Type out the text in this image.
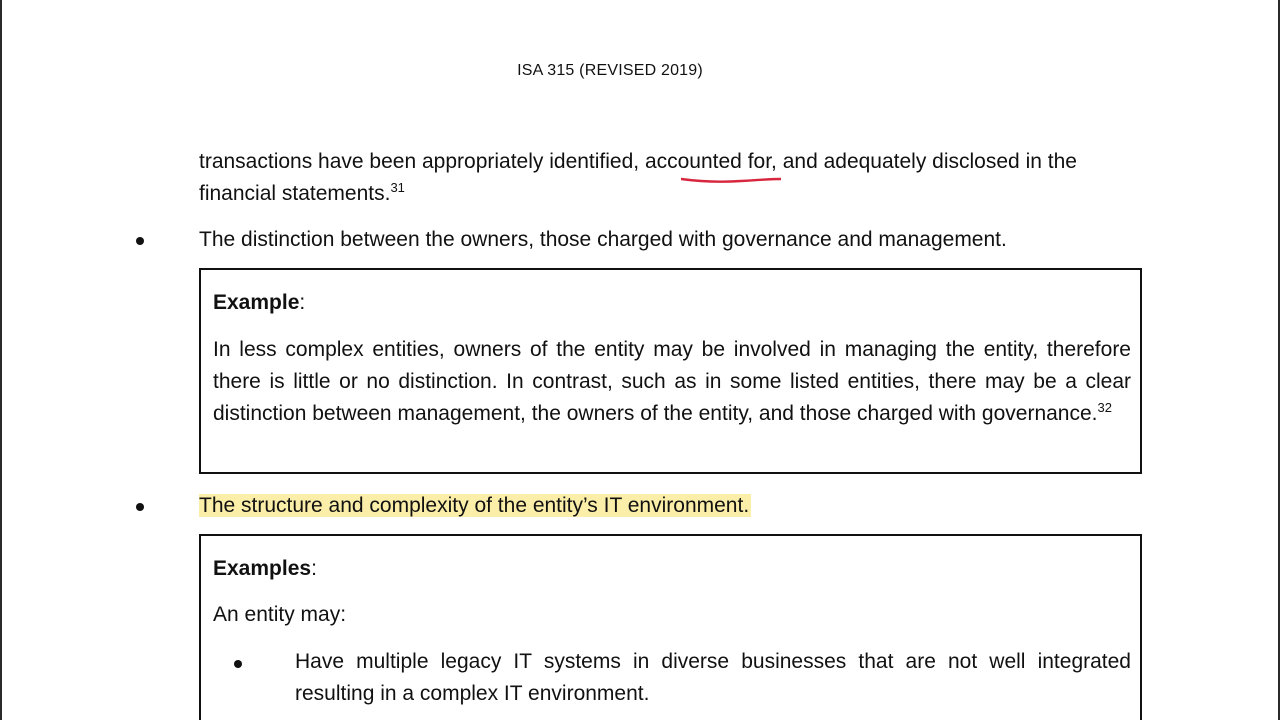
ISA 315 (REVISED 2019)
transactions have been appropriately identified, accounted for, and adequately disclosed
in the
financial statements.$^{31}$
The distinction between the owners, those charged with governance and management.
Example:
In less complex entities, owners of the entity may be involved in managing the entity, therefore there is little or no distinction. In contrast, such as in some listed entities, there may be a clear distinction between management, the owners of the entity, and those charged with governance.$^{32}$
The structure and complexity of the entity’s IT environment.
Examples:
An entity may:
Have multiple legacy IT systems in diverse businesses that are not well integrated resulting in a complex IT environment.
